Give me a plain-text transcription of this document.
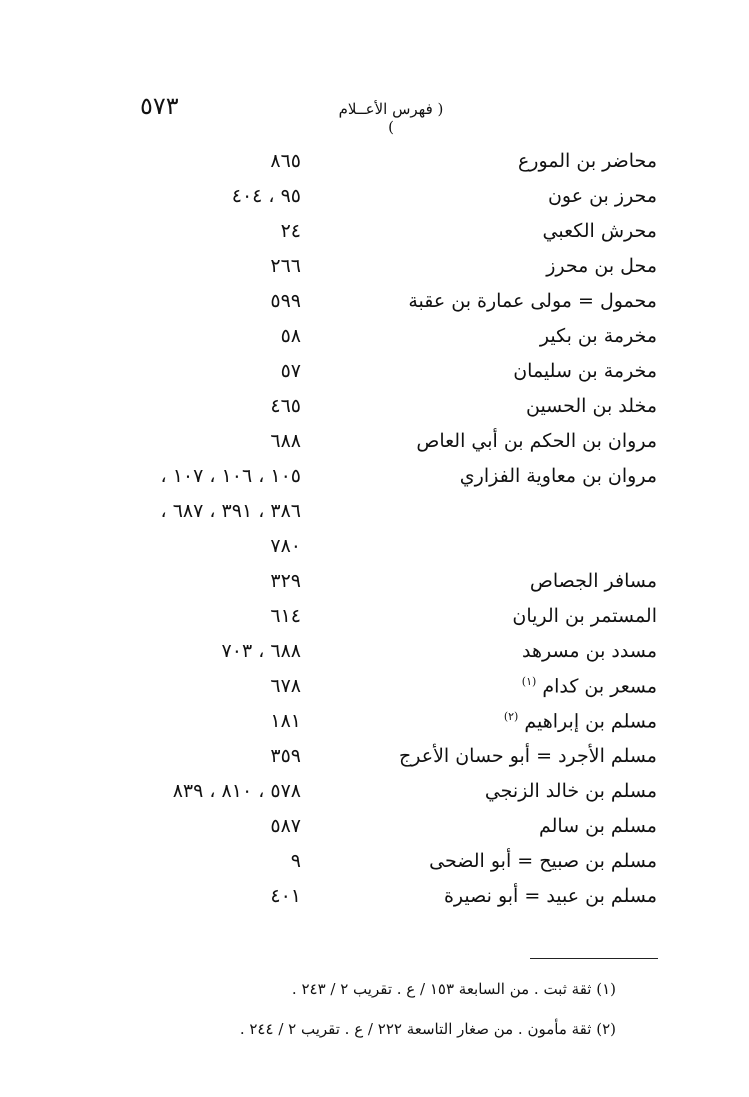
٥٧٣	( فهرس الأعــلام )
محاضر بن المورع
٨٦٥
محرز بن عون
٩٥ ، ٤٠٤
محرش الكعبي
٢٤
محل بن محرز
٢٦٦
محمول = مولى عمارة بن عقبة
٥٩٩
مخرمة بن بكير
٥٨
مخرمة بن سليمان
٥٧
مخلد بن الحسين
٤٦٥
مروان بن الحكم بن أبي العاص
٦٨٨
مروان بن معاوية الفزاري
١٠٥ ، ١٠٦ ، ١٠٧ ،
٣٨٦ ، ٣٩١ ، ٦٨٧ ،
٧٨٠
مسافر الجصاص
٣٢٩
المستمر بن الريان
٦١٤
مسدد بن مسرهد
٦٨٨ ، ٧٠٣
مسعر بن كدام $^{(١)}$
٦٧٨
مسلم بن إبراهيم $^{(٢)}$
١٨١
مسلم الأجرد = أبو حسان الأعرج
٣٥٩
مسلم بن خالد الزنجي
٥٧٨ ، ٨١٠ ، ٨٣٩
مسلم بن سالم
٥٨٧
مسلم بن صبيح = أبو الضحى
٩
مسلم بن عبيد = أبو نصيرة
٤٠١
(١) ثقة ثبت . من السابعة ١٥٣ / ع . تقريب ٢ / ٢٤٣ .
(٢) ثقة مأمون . من صغار التاسعة ٢٢٢ / ع . تقريب ٢ / ٢٤٤ .
